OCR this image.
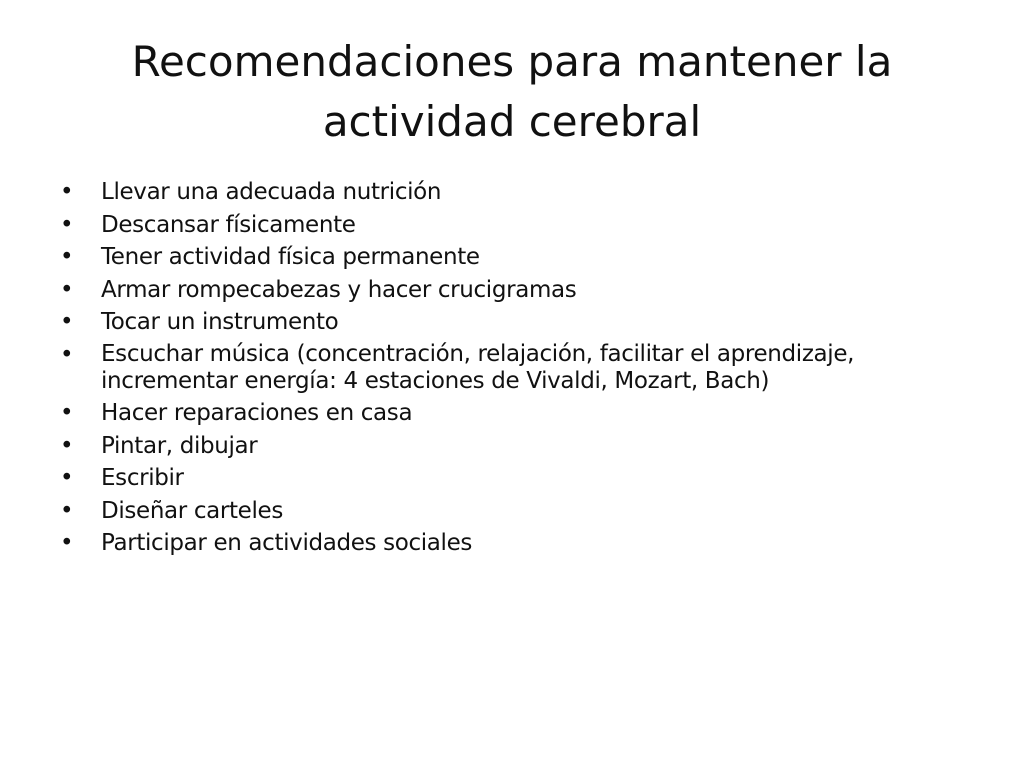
Recomendaciones para mantener la
actividad cerebral
•	Llevar una adecuada nutrición
•	Descansar físicamente
•	Tener actividad física permanente
•	Armar rompecabezas y hacer crucigramas
•	Tocar un instrumento
•	Escuchar música (concentración, relajación, facilitar el aprendizaje,
incrementar energía: 4 estaciones de Vivaldi, Mozart, Bach)
•	Hacer reparaciones en casa
•	Pintar, dibujar
•	Escribir
•	Diseñar carteles
•	Participar en actividades sociales
